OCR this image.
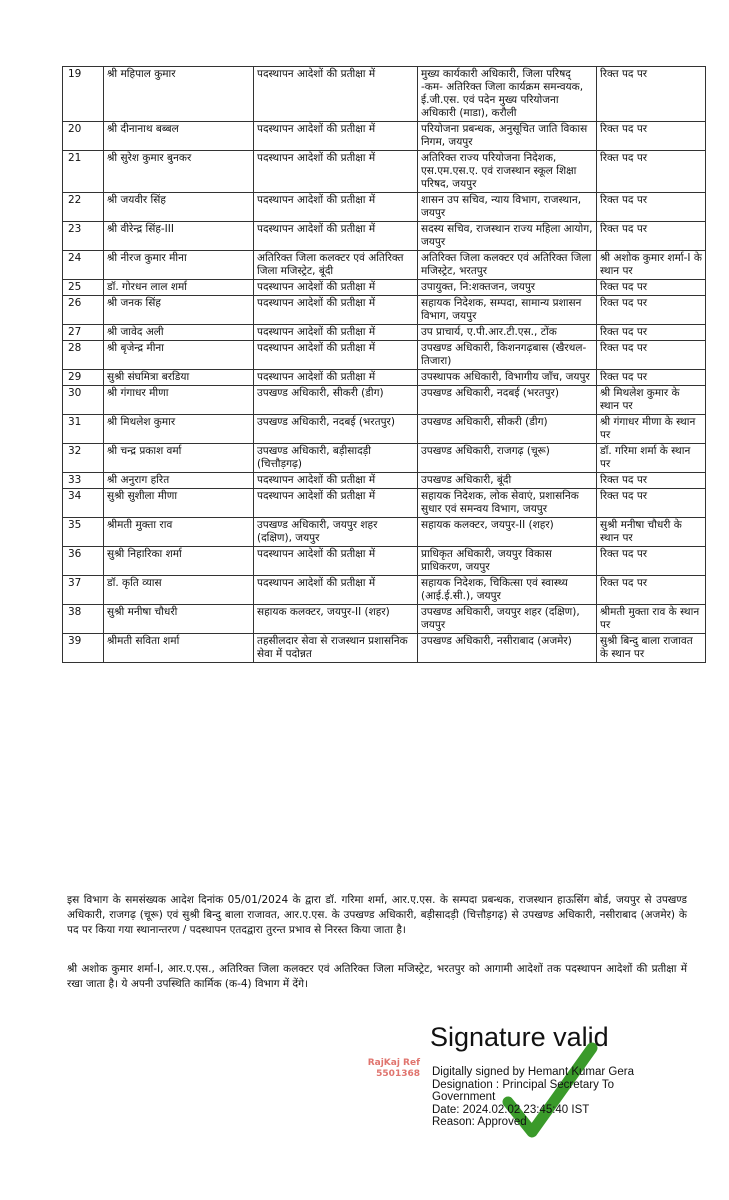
19	श्री महिपाल कुमार	पदस्थापन आदेशों की प्रतीक्षा में	मुख्य कार्यकारी अधिकारी, जिला परिषद् -कम- अतिरिक्त जिला कार्यक्रम समन्वयक, ई.जी.एस. एवं पदेन मुख्य परियोजना अधिकारी (माडा), करौली	रिक्त पद पर
20	श्री दीनानाथ बब्बल	पदस्थापन आदेशों की प्रतीक्षा में	परियोजना प्रबन्धक, अनुसूचित जाति विकास निगम, जयपुर	रिक्त पद पर
21	श्री सुरेश कुमार बुनकर	पदस्थापन आदेशों की प्रतीक्षा में	अतिरिक्त राज्य परियोजना निदेशक, एस.एम.एस.ए. एवं राजस्थान स्कूल शिक्षा परिषद, जयपुर	रिक्त पद पर
22	श्री जयवीर सिंह	पदस्थापन आदेशों की प्रतीक्षा में	शासन उप सचिव, न्याय विभाग, राजस्थान, जयपुर	रिक्त पद पर
23	श्री वीरेन्द्र सिंह-III	पदस्थापन आदेशों की प्रतीक्षा में	सदस्य सचिव, राजस्थान राज्य महिला आयोग, जयपुर	रिक्त पद पर
24	श्री नीरज कुमार मीना	अतिरिक्त जिला कलक्टर एवं अतिरिक्त जिला मजिस्ट्रेट, बूंदी	अतिरिक्त जिला कलक्टर एवं अतिरिक्त जिला मजिस्ट्रेट, भरतपुर	श्री अशोक कुमार शर्मा-I के स्थान पर
25	डॉ. गोरधन लाल शर्मा	पदस्थापन आदेशों की प्रतीक्षा में	उपायुक्त, नि:शक्तजन, जयपुर	रिक्त पद पर
26	श्री जनक सिंह	पदस्थापन आदेशों की प्रतीक्षा में	सहायक निदेशक, सम्पदा, सामान्य प्रशासन विभाग, जयपुर	रिक्त पद पर
27	श्री जावेद अली	पदस्थापन आदेशों की प्रतीक्षा में	उप प्राचार्य, ए.पी.आर.टी.एस., टोंक	रिक्त पद पर
28	श्री बृजेन्द्र मीना	पदस्थापन आदेशों की प्रतीक्षा में	उपखण्ड अधिकारी, किशनगढ़बास (खैरथल-तिजारा)	रिक्त पद पर
29	सुश्री संघमित्रा बरडिया	पदस्थापन आदेशों की प्रतीक्षा में	उपस्थापक अधिकारी, विभागीय जाँच, जयपुर	रिक्त पद पर
30	श्री गंगाधर मीणा	उपखण्ड अधिकारी, सीकरी (डीग)	उपखण्ड अधिकारी, नदबई (भरतपुर)	श्री मिथलेश कुमार के स्थान पर
31	श्री मिथलेश कुमार	उपखण्ड अधिकारी, नदबई (भरतपुर)	उपखण्ड अधिकारी, सीकरी (डीग)	श्री गंगाधर मीणा के स्थान पर
32	श्री चन्द्र प्रकाश वर्मा	उपखण्ड अधिकारी, बड़ीसादड़ी (चित्तौड़गढ़)	उपखण्ड अधिकारी, राजगढ़ (चूरू)	डॉ. गरिमा शर्मा के स्थान पर
33	श्री अनुराग हरित	पदस्थापन आदेशों की प्रतीक्षा में	उपखण्ड अधिकारी, बूंदी	रिक्त पद पर
34	सुश्री सुशीला मीणा	पदस्थापन आदेशों की प्रतीक्षा में	सहायक निदेशक, लोक सेवाएं, प्रशासनिक सुधार एवं समन्वय विभाग, जयपुर	रिक्त पद पर
35	श्रीमती मुक्ता राव	उपखण्ड अधिकारी, जयपुर शहर (दक्षिण), जयपुर	सहायक कलक्टर, जयपुर-II (शहर)	सुश्री मनीषा चौधरी के स्थान पर
36	सुश्री निहारिका शर्मा	पदस्थापन आदेशों की प्रतीक्षा में	प्राधिकृत अधिकारी, जयपुर विकास प्राधिकरण, जयपुर	रिक्त पद पर
37	डॉ. कृति व्यास	पदस्थापन आदेशों की प्रतीक्षा में	सहायक निदेशक, चिकित्सा एवं स्वास्थ्य (आई.ई.सी.), जयपुर	रिक्त पद पर
38	सुश्री मनीषा चौधरी	सहायक कलक्टर, जयपुर-II (शहर)	उपखण्ड अधिकारी, जयपुर शहर (दक्षिण), जयपुर	श्रीमती मुक्ता राव के स्थान पर
39	श्रीमती सविता शर्मा	तहसीलदार सेवा से राजस्थान प्रशासनिक सेवा में पदोन्नत	उपखण्ड अधिकारी, नसीराबाद (अजमेर)	सुश्री बिन्दु बाला राजावत के स्थान पर
इस विभाग के समसंख्यक आदेश दिनांक 05/01/2024 के द्वारा डॉ. गरिमा शर्मा, आर.ए.एस. के सम्पदा प्रबन्धक, राजस्थान हाऊसिंग बोर्ड, जयपुर से उपखण्ड अधिकारी, राजगढ़ (चूरू) एवं सुश्री बिन्दु बाला राजावत, आर.ए.एस. के उपखण्ड अधिकारी, बड़ीसादड़ी (चित्तौड़गढ़) से उपखण्ड अधिकारी, नसीराबाद (अजमेर) के पद पर किया गया स्थानान्तरण / पदस्थापन एतदद्वारा तुरन्त प्रभाव से निरस्त किया जाता है।
श्री अशोक कुमार शर्मा-I, आर.ए.एस., अतिरिक्त जिला कलक्टर एवं अतिरिक्त जिला मजिस्ट्रेट, भरतपुर को आगामी आदेशों तक पदस्थापन आदेशों की प्रतीक्षा में रखा जाता है। ये अपनी उपस्थिति कार्मिक (क-4) विभाग में देंगे।
RajKaj Ref
5501368
Signature valid
Digitally signed by Hemant Kumar Gera
Designation : Principal Secretary To
Government
Date: 2024.02.02 23:45:40 IST
Reason: Approved
